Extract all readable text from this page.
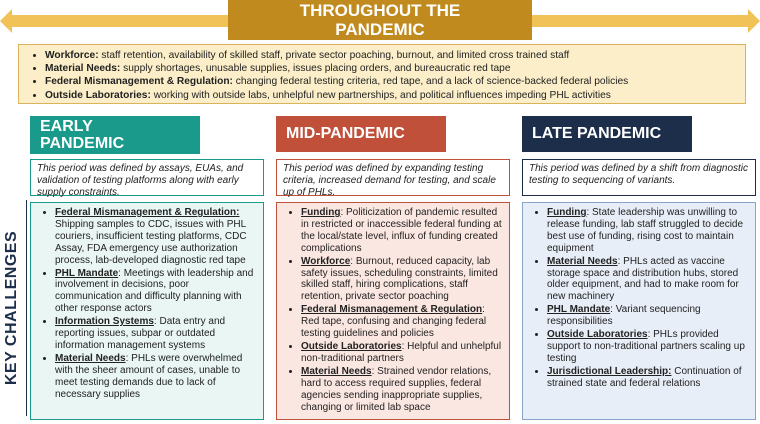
THROUGHOUT THE
PANDEMIC
• Workforce: staff retention, availability of skilled staff, private sector poaching, burnout, and limited cross trained staff
• Material Needs: supply shortages, unusable supplies, issues placing orders, and bureaucratic red tape
• Federal Mismanagement & Regulation: changing federal testing criteria, red tape, and a lack of science-backed federal policies
• Outside Laboratories: working with outside labs, unhelpful new partnerships, and political influences impeding PHL activities
EARLY
PANDEMIC
MID-PANDEMIC	LATE PANDEMIC
This period was defined by assays, EUAs, and validation of testing platforms along with early supply constraints.
This period was defined by expanding testing criteria, increased demand for testing, and scale up of PHLs.
This period was defined by a shift from diagnostic testing to sequencing of variants.
KEY CHALLENGES
• Federal Mismanagement & Regulation: Shipping samples to CDC, issues with PHL couriers, insufficient testing platforms, CDC Assay, FDA emergency use authorization process, lab-developed diagnostic red tape
• PHL Mandate: Meetings with leadership and involvement in decisions, poor communication and difficulty planning with other response actors
• Information Systems: Data entry and reporting issues, subpar or outdated information management systems
• Material Needs: PHLs were overwhelmed with the sheer amount of cases, unable to meet testing demands due to lack of necessary supplies
• Funding: Politicization of pandemic resulted in restricted or inaccessible federal funding at the local/state level, influx of funding created complications
• Workforce: Burnout, reduced capacity, lab safety issues, scheduling constraints, limited skilled staff, hiring complications, staff retention, private sector poaching
• Federal Mismanagement & Regulation: Red tape, confusing and changing federal testing guidelines and policies
• Outside Laboratories: Helpful and unhelpful non-traditional partners
• Material Needs: Strained vendor relations, hard to access required supplies, federal agencies sending inappropriate supplies, changing or limited lab space
• Funding: State leadership was unwilling to release funding, lab staff struggled to decide best use of funding, rising cost to maintain equipment
• Material Needs: PHLs acted as vaccine storage space and distribution hubs, stored older equipment, and had to make room for new machinery
• PHL Mandate: Variant sequencing responsibilities
• Outside Laboratories: PHLs provided support to non-traditional partners scaling up testing
• Jurisdictional Leadership: Continuation of strained state and federal relations
